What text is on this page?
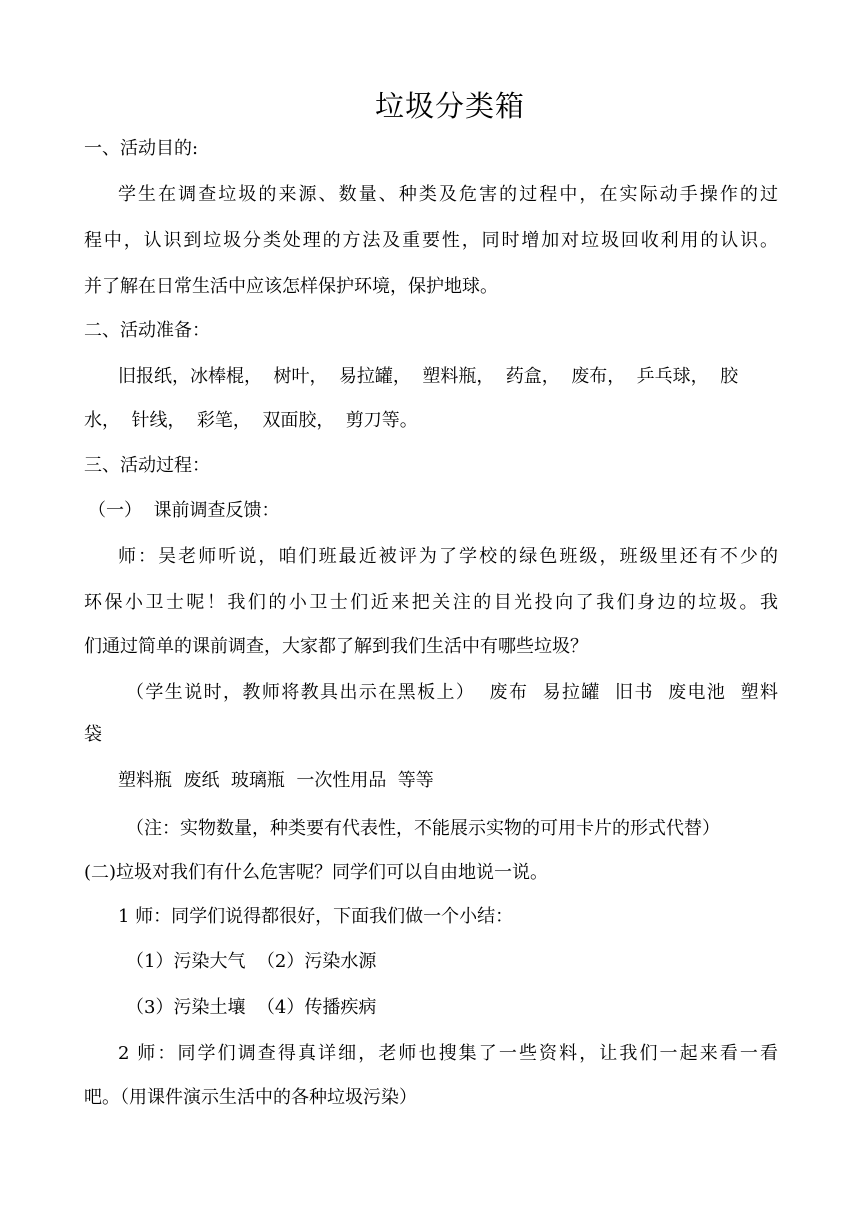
垃圾分类箱
一、活动目的:
学生在调查垃圾的来源、数量、种类及危害的过程中，在实际动手操作的过
程中，认识到垃圾分类处理的方法及重要性，同时增加对垃圾回收利用的认识。
并了解在日常生活中应该怎样保护环境，保护地球。
二、活动准备：
旧报纸，冰棒棍，  树叶，  易拉罐，  塑料瓶，  药盒，  废布，  乒乓球，  胶
水，  针线，  彩笔，  双面胶，  剪刀等。
三、活动过程：
（一）  课前调查反馈：
师：吴老师听说，咱们班最近被评为了学校的绿色班级，班级里还有不少的
环保小卫士呢！我们的小卫士们近来把关注的目光投向了我们身边的垃圾。我
们通过简单的课前调查，大家都了解到我们生活中有哪些垃圾？
（学生说时，教师将教具出示在黑板上）  废布  易拉罐  旧书  废电池  塑料
袋
塑料瓶  废纸  玻璃瓶  一次性用品  等等
（注：实物数量，种类要有代表性，不能展示实物的可用卡片的形式代替）
(二)垃圾对我们有什么危害呢？同学们可以自由地说一说。
1 师：同学们说得都很好，下面我们做一个小结：
（1）污染大气  （2）污染水源
（3）污染土壤  （4）传播疾病
2 师：同学们调查得真详细，老师也搜集了一些资料，让我们一起来看一看
吧。（用课件演示生活中的各种垃圾污染）
